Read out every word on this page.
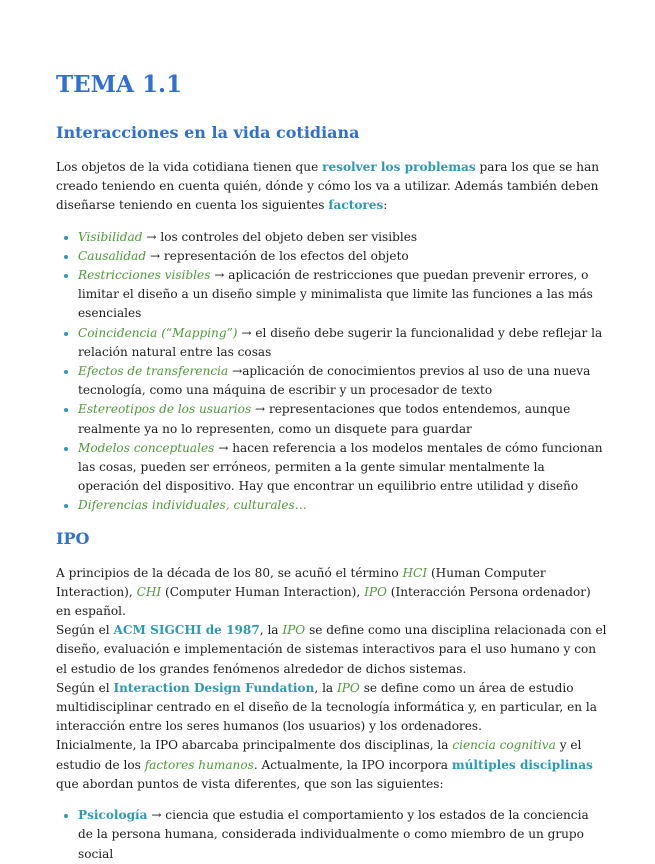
TEMA 1.1
Interacciones en la vida cotidiana

Los objetos de la vida cotidiana tienen que resolver los problemas para los que se han creado teniendo en cuenta quién, dónde y cómo los va a utilizar. Además también deben diseñarse teniendo en cuenta los siguientes factores:

Visibilidad → los controles del objeto deben ser visibles
Causalidad → representación de los efectos del objeto
Restricciones visibles → aplicación de restricciones que puedan prevenir errores, o limitar el diseño a un diseño simple y minimalista que limite las funciones a las más esenciales
Coincidencia (“Mapping”) → el diseño debe sugerir la funcionalidad y debe reflejar la relación natural entre las cosas
Efectos de transferencia →aplicación de conocimientos previos al uso de una nueva tecnología, como una máquina de escribir y un procesador de texto
Estereotipos de los usuarios → representaciones que todos entendemos, aunque realmente ya no lo representen, como un disquete para guardar
Modelos conceptuales → hacen referencia a los modelos mentales de cómo funcionan las cosas, pueden ser erróneos, permiten a la gente simular mentalmente la operación del dispositivo. Hay que encontrar un equilibrio entre utilidad y diseño
Diferencias individuales, culturales…
IPO

A principios de la década de los 80, se acuñó el término HCI (Human Computer Interaction), CHI (Computer Human Interaction), IPO (Interacción Persona ordenador) en español.

Según el ACM SIGCHI de 1987, la IPO se define como una disciplina relacionada con el diseño, evaluación e implementación de sistemas interactivos para el uso humano y con el estudio de los grandes fenómenos alrededor de dichos sistemas.

Según el Interaction Design Fundation, la IPO se define como un área de estudio multidisciplinar centrado en el diseño de la tecnología informática y, en particular, en la interacción entre los seres humanos (los usuarios) y los ordenadores.

Inicialmente, la IPO abarcaba principalmente dos disciplinas, la ciencia cognitiva y el estudio de los factores humanos. Actualmente, la IPO incorpora múltiples disciplinas que abordan puntos de vista diferentes, que son las siguientes:

Psicología → ciencia que estudia el comportamiento y los estados de la conciencia de la persona humana, considerada individualmente o como miembro de un grupo social
